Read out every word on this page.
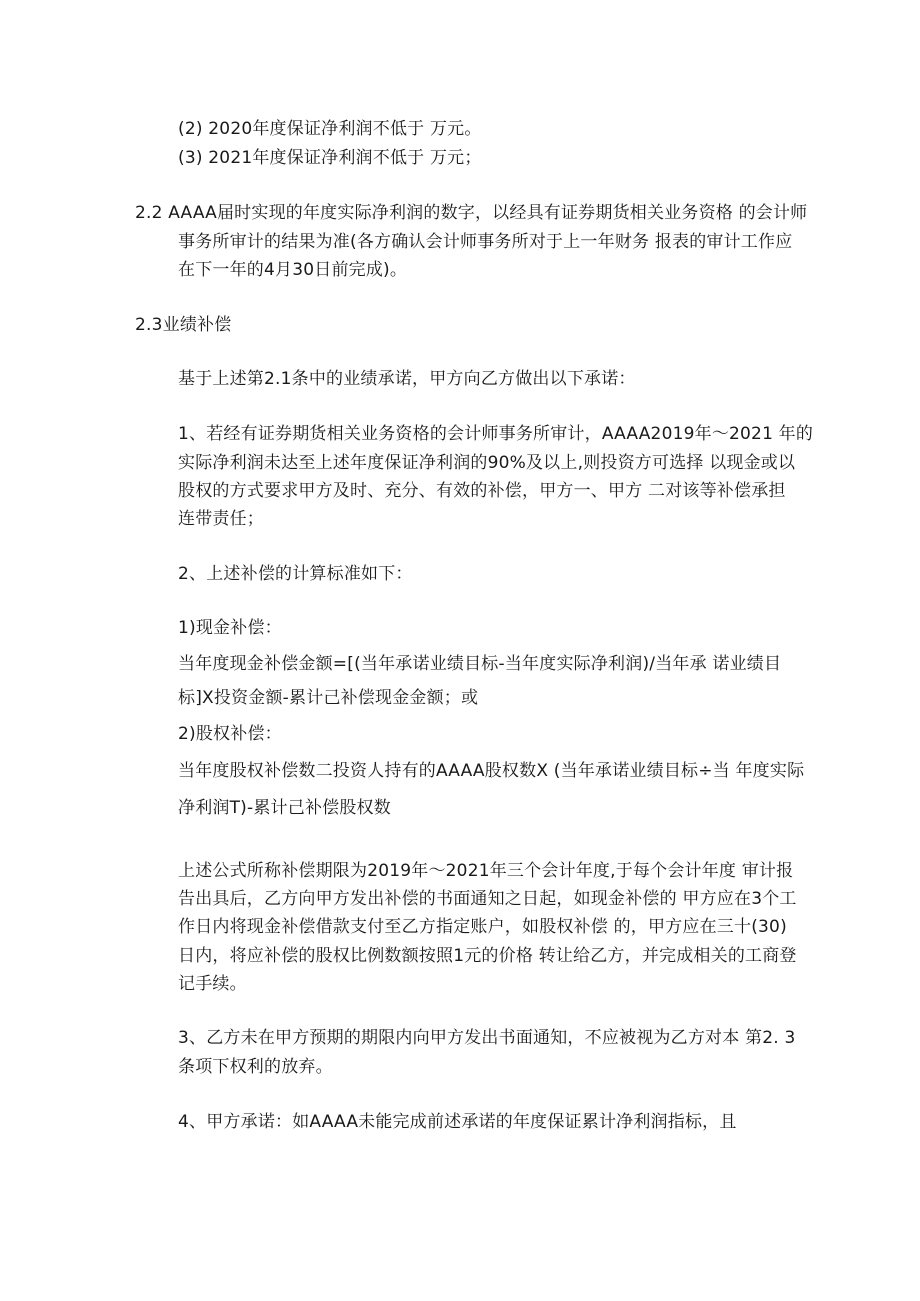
(2) 2020年度保证净利润不低于 万元。
(3) 2021年度保证净利润不低于 万元；
2.2 AAAA届时实现的年度实际净利润的数字，以经具有证券期货相关业务资格 的会计师
事务所审计的结果为准(各方确认会计师事务所对于上一年财务 报表的审计工作应
在下一年的4月30日前完成)。
2.3业绩补偿
基于上述第2.1条中的业绩承诺，甲方向乙方做出以下承诺：
1、若经有证券期货相关业务资格的会计师事务所审计，AAAA2019年～2021 年的
实际净利润未达至上述年度保证净利润的90%及以上,则投资方可选择 以现金或以
股权的方式要求甲方及时、充分、有效的补偿，甲方一、甲方 二对该等补偿承担
连带责任；
2、上述补偿的计算标准如下：
1)现金补偿：
当年度现金补偿金额=[(当年承诺业绩目标-当年度实际净利润)/当年承 诺业绩目
标]X投资金额-累计己补偿现金金额；或
2)股权补偿：
当年度股权补偿数二投资人持有的AAAA股权数X (当年承诺业绩目标÷当 年度实际
净利润T)-累计己补偿股权数
上述公式所称补偿期限为2019年～2021年三个会计年度,于每个会计年度 审计报
告出具后，乙方向甲方发出补偿的书面通知之日起，如现金补偿的 甲方应在3个工
作日内将现金补偿借款支付至乙方指定账户，如股权补偿 的，甲方应在三十(30)
日内，将应补偿的股权比例数额按照1元的价格 转让给乙方，并完成相关的工商登
记手续。
3、乙方未在甲方预期的期限内向甲方发出书面通知，不应被视为乙方对本 第2. 3
条项下权利的放弃。
4、甲方承诺：如AAAA未能完成前述承诺的年度保证累计净利润指标，且
